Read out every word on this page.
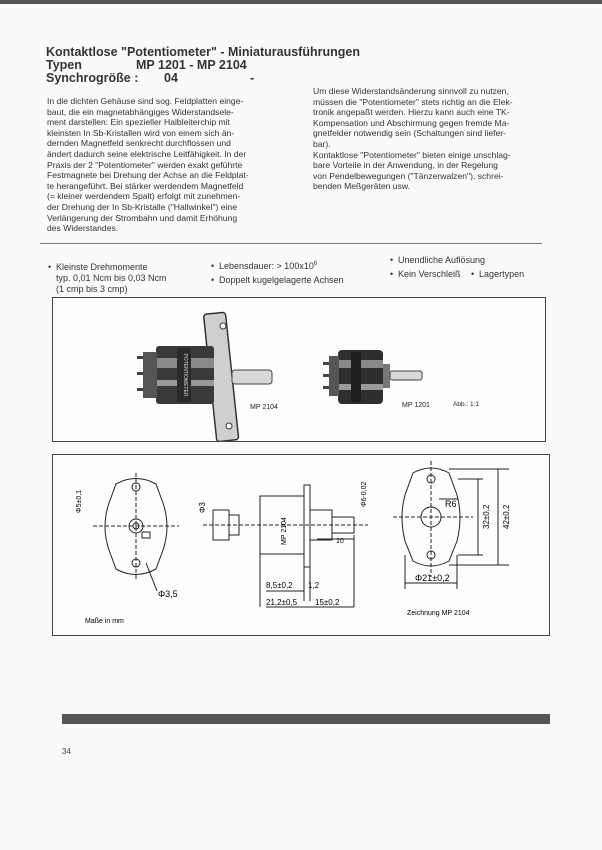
Kontaktlose "Potentiometer" - Miniaturausführungen
Typen	MP 1201 - MP 2104
Synchrogröße :	04	-

In die dichten Gehäuse sind sog. Feldplatten einge-

baut, die ein magnetabhängiges Widerstandsele-

ment darstellen: Ein spezieller Halbleiterchip mit

kleinsten In Sb-Kristallen wird von einem sich än-

dernden Magnetfeld senkrecht durchflossen und

ändert dadurch seine elektrische Leitfähigkeit. In der

Praxis der 2 "Potentiometer" werden exakt geführte

Festmagnete bei Drehung der Achse an die Feldplat-

te herangeführt. Bei stärker werdendem Magnetfeld

(= kleiner werdendem Spalt) erfolgt mit zunehmen-

der Drehung der In Sb-Kristalle ("Hallwinkel") eine

Verlängerung der Strombahn und damit Erhöhung

des Widerstandes.

Um diese Widerstandsänderung sinnvoll zu nutzen,

müssen die "Potentiometer" stets richtig an die Elek-

tronik angepaßt werden. Hierzu kann auch eine TK-

Kompensation und Abschirmung gegen fremde Ma-

gnetfelder notwendig sein (Schaltungen sind liefer-

bar).

Kontaktlose "Potentiometer" bieten einige unschlag-

bare Vorteile in der Anwendung, in der Regelung

von Pendelbewegungen ("Tänzerwalzen"), schrei-

benden Meßgeräten usw.

• Kleinste Drehmomente
typ. 0,01 Ncm bis 0,03 Ncm
(1 cmp bis 3 cmp)
• Lebensdauer: > $100x10^6$
• Doppelt kugelgelagerte Achsen
• Unendliche Auflösung
• Kein Verschleiß • Lagertypen
POTENTIOMETER
MP 2104	MP 1201	Abb.: 1:1
Φ5±0,1
Φ3,5
Φ3
MP 2104
Φ6-0,02
10
8,5±0,2 1,2
21,2±0,5 15±0,2
R6
32±0,2 42±0,2
Φ21±0,2
Maße in mm
Zeichnung MP 2104
34
